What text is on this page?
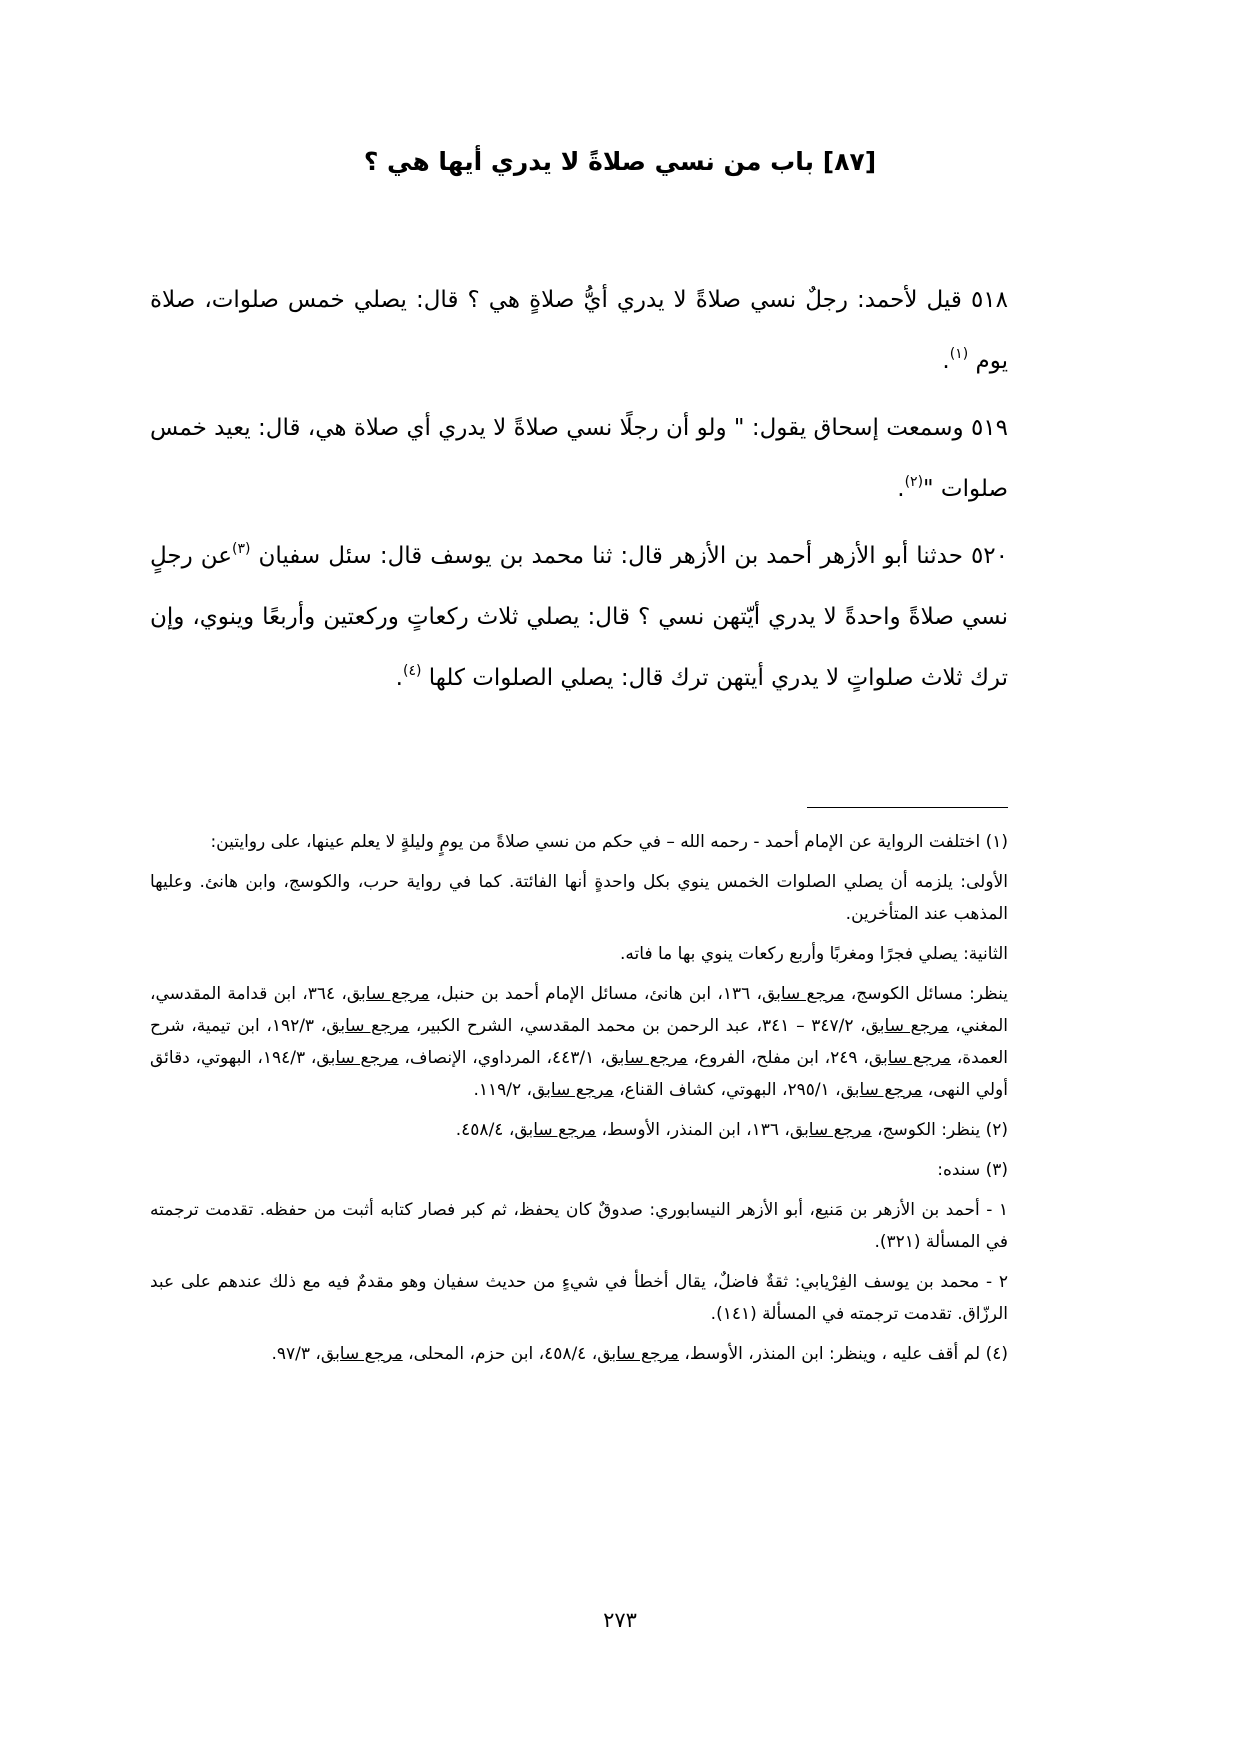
[٨٧] باب من نسي صلاةً لا يدري أيها هي ؟

٥١٨ قيل لأحمد: رجلٌ نسي صلاةً لا يدري أيُّ صلاةٍ هي ؟ قال: يصلي خمس صلوات، صلاة يوم $^{(١)}$.

٥١٩ وسمعت إسحاق يقول: " ولو أن رجلًا نسي صلاةً لا يدري أي صلاة هي، قال: يعيد خمس صلوات "$^{(٢)}$.

٥٢٠ حدثنا أبو الأزهر أحمد بن الأزهر قال: ثنا محمد بن يوسف قال: سئل سفيان $^{(٣)}$عن رجلٍ نسي صلاةً واحدةً لا يدري أيّتهن نسي ؟ قال: يصلي ثلاث ركعاتٍ وركعتين وأربعًا وينوي، وإن ترك ثلاث صلواتٍ لا يدري أيتهن ترك قال: يصلي الصلوات كلها $^{(٤)}$.

(١) اختلفت الرواية عن الإمام أحمد - رحمه الله – في حكم من نسي صلاةً من يومٍ وليلةٍ لا يعلم عينها، على روايتين:

الأولى: يلزمه أن يصلي الصلوات الخمس ينوي بكل واحدةٍ أنها الفائتة. كما في رواية حرب، والكوسج، وابن هانئ. وعليها المذهب عند المتأخرين.

الثانية: يصلي فجرًا ومغربًا وأربع ركعات ينوي بها ما فاته.

ينظر: مسائل الكوسج، مرجع سابق، ١٣٦، ابن هانئ، مسائل الإمام أحمد بن حنبل، مرجع سابق، ٣٦٤، ابن قدامة المقدسي، المغني، مرجع سابق، ٣٤٧/٢ – ٣٤١، عبد الرحمن بن محمد المقدسي، الشرح الكبير، مرجع سابق، ١٩٢/٣، ابن تيمية، شرح العمدة، مرجع سابق، ٢٤٩، ابن مفلح، الفروع، مرجع سابق، ٤٤٣/١، المرداوي، الإنصاف، مرجع سابق، ١٩٤/٣، البهوتي، دقائق أولي النهى، مرجع سابق، ٢٩٥/١، البهوتي، كشاف القناع، مرجع سابق، ١١٩/٢.

(٢) ينظر: الكوسج، مرجع سابق، ١٣٦، ابن المنذر، الأوسط، مرجع سابق، ٤٥٨/٤.

(٣) سنده:

١ - أحمد بن الأزهر بن مَنيع، أبو الأزهر النيسابوري: صدوقٌ كان يحفظ، ثم كبر فصار كتابه أثبت من حفظه. تقدمت ترجمته في المسألة (٣٢١).

٢ - محمد بن يوسف الفِرْيابي: ثقةٌ فاضلٌ، يقال أخطأ في شيءٍ من حديث سفيان وهو مقدمٌ فيه مع ذلك عندهم على عبد الرزّاق. تقدمت ترجمته في المسألة (١٤١).

(٤) لم أقف عليه ، وينظر: ابن المنذر، الأوسط، مرجع سابق، ٤٥٨/٤، ابن حزم، المحلى، مرجع سابق، ٩٧/٣.

٢٧٣
